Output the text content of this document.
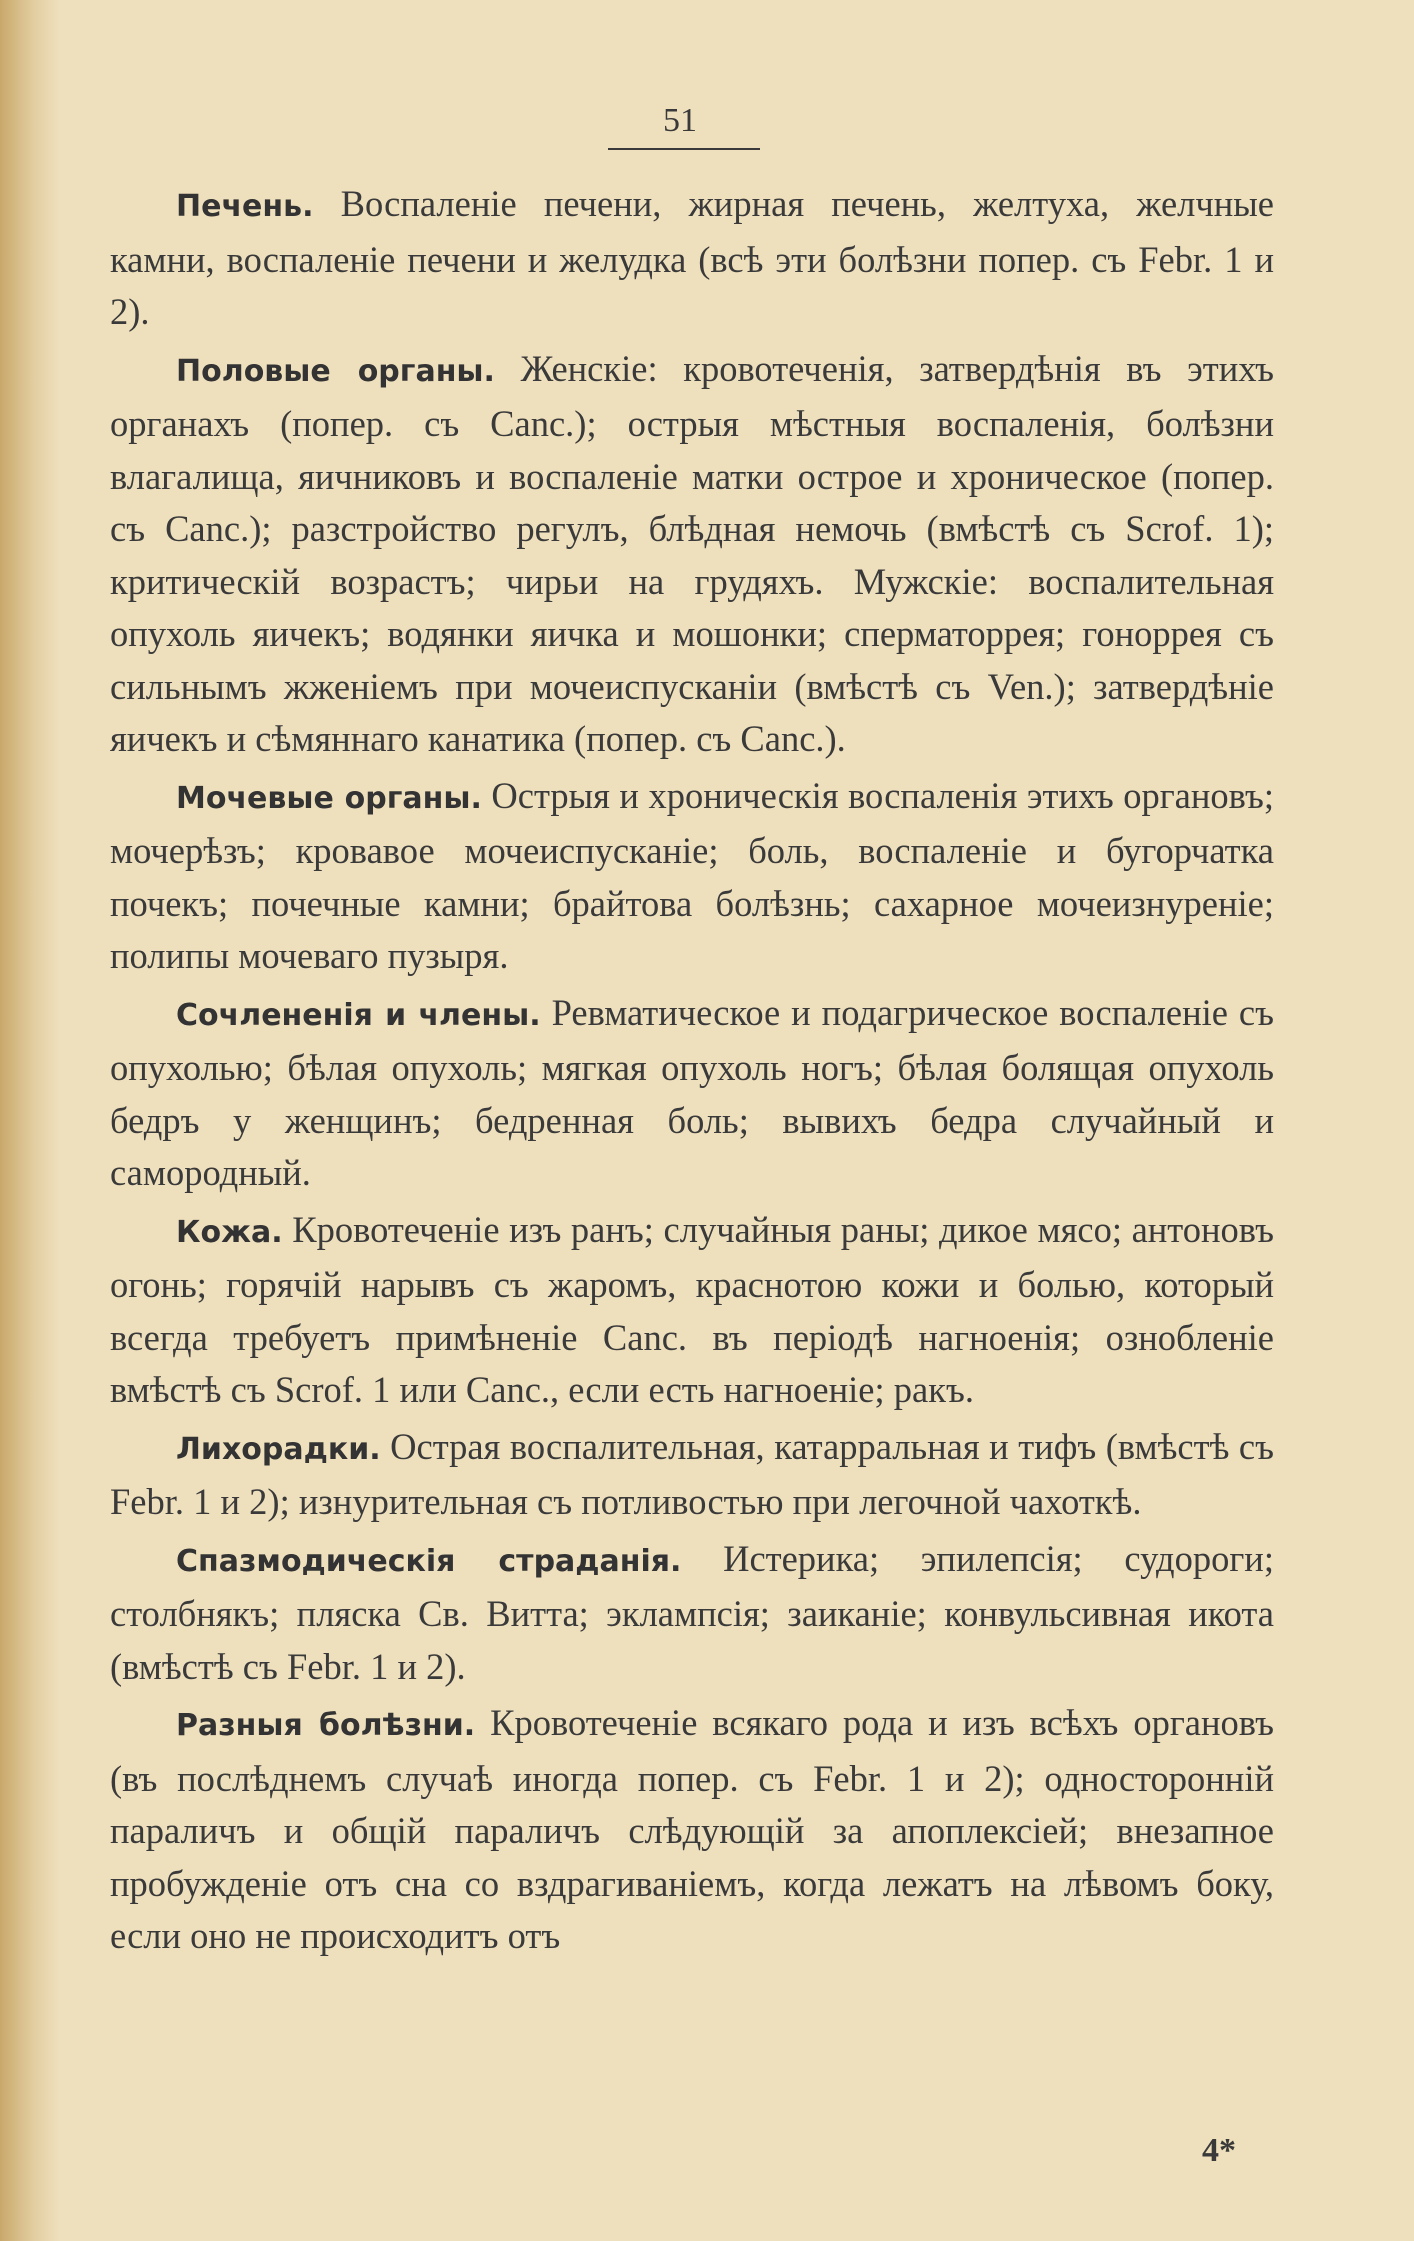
51

Печень. Воспаленіе печени, жирная печень, желтуха, желчные камни, воспаленіе печени и желудка (всѣ эти болѣзни попер. съ Febr. 1 и 2).

Половые органы. Женскіе: кровотеченія, затвердѣнія въ этихъ органахъ (попер. съ Canc.); острыя мѣстныя воспаленія, болѣзни влагалища, яичниковъ и воспаленіе матки острое и хроническое (попер. съ Canc.); разстройство регулъ, блѣдная немочь (вмѣстѣ съ Scrof. 1); критическій возрастъ; чирьи на грудяхъ. Мужскіе: воспалительная опухоль яичекъ; водянки яичка и мошонки; сперматоррея; гоноррея съ сильнымъ жженіемъ при мочеиспусканіи (вмѣстѣ съ Ven.); затвердѣніе яичекъ и сѣмяннаго канатика (попер. съ Canc.).

Мочевые органы. Острыя и хроническія воспаленія этихъ органовъ; мочерѣзъ; кровавое мочеиспусканіе; боль, воспаленіе и бугорчатка почекъ; почечные камни; брайтова болѣзнь; сахарное мочеизнуреніе; полипы мочеваго пузыря.

Сочлененія и члены. Ревматическое и подагрическое воспаленіе съ опухолью; бѣлая опухоль; мягкая опухоль ногъ; бѣлая болящая опухоль бедръ у женщинъ; бедренная боль; вывихъ бедра случайный и самородный.

Кожа. Кровотеченіе изъ ранъ; случайныя раны; дикое мясо; антоновъ огонь; горячій нарывъ съ жаромъ, краснотою кожи и болью, который всегда требуетъ примѣненіе Canc. въ періодѣ нагноенія; ознобленіе вмѣстѣ съ Scrof. 1 или Canc., если есть нагноеніе; ракъ.

Лихорадки. Острая воспалительная, катарральная и тифъ (вмѣстѣ съ Febr. 1 и 2); изнурительная съ потливостью при легочной чахоткѣ.

Спазмодическія страданія. Истерика; эпилепсія; судороги; столбнякъ; пляска Св. Витта; эклампсія; заиканіе; конвульсивная икота (вмѣстѣ съ Febr. 1 и 2).

Разныя болѣзни. Кровотеченіе всякаго рода и изъ всѣхъ органовъ (въ послѣднемъ случаѣ иногда попер. съ Febr. 1 и 2); односторонній параличъ и общій параличъ слѣдующій за апоплексіей; внезапное пробужденіе отъ сна со вздрагиваніемъ, когда лежатъ на лѣвомъ боку, если оно не происходитъ отъ

4*
